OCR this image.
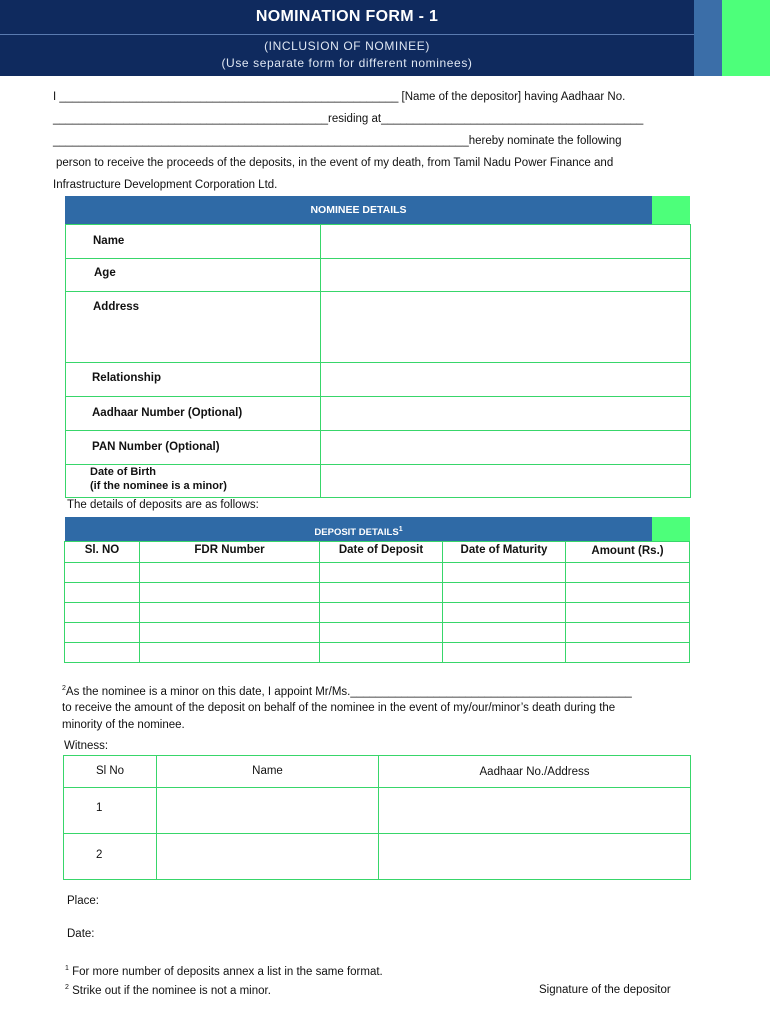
NOMINATION FORM - 1
(INCLUSION OF NOMINEE)
(Use separate form for different nominees)
I _____________________________________________________ [Name of the depositor] having Aadhaar No.
___________________________________________residing at_________________________________________
_________________________________________________________________hereby nominate the following
person to receive the proceeds of the deposits, in the event of my death, from Tamil Nadu Power Finance and
Infrastructure Development Corporation Ltd.
NOMINEE DETAILS
Name	

Age	

Address	

Relationship	

Aadhaar Number (Optional)	

PAN Number (Optional)	

Date of Birth
(if the nominee is a minor)	

The details of deposits are as follows:
DEPOSIT DETAILS$^1$
Sl. NO	FDR Number	Date of Deposit	Date of Maturity	Amount (Rs.)

$^2$As the nominee is a minor on this date, I appoint Mr/Ms.____________________________________________
to receive the amount of the deposit on behalf of the nominee in the event of my/our/minor’s death during the
minority of the nominee.
Witness:
Sl No	Name	Aadhaar No./Address
1		
2		
Place:
Date:
$^1$ For more number of deposits annex a list in the same format.
$^2$ Strike out if the nominee is not a minor.	Signature of the depositor
